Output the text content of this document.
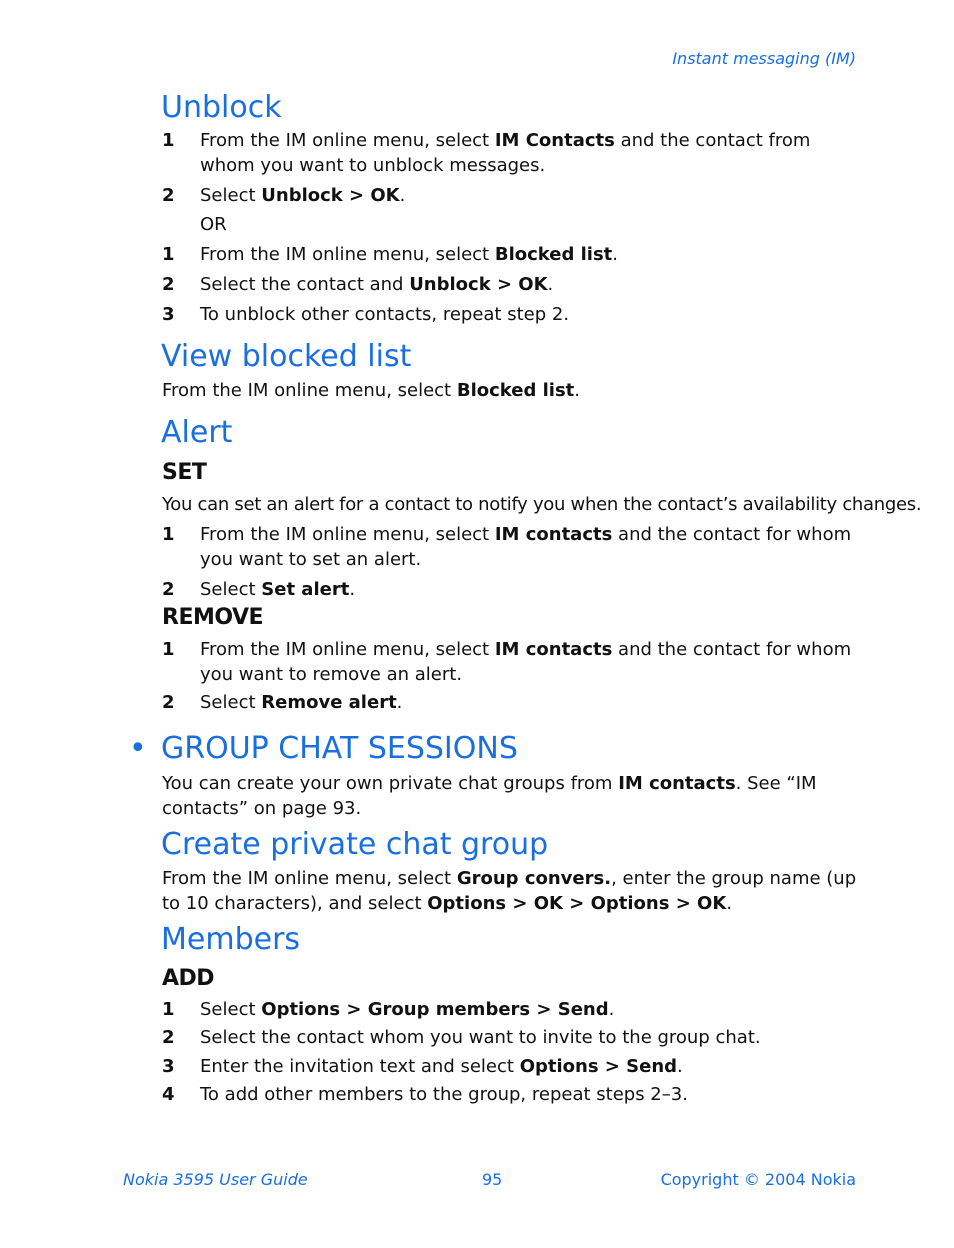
Instant messaging (IM)
Unblock
1 From the IM online menu, select IM Contacts and the contact from whom you want to unblock messages.
2 Select Unblock > OK.
OR
1 From the IM online menu, select Blocked list.
2 Select the contact and Unblock > OK.
3 To unblock other contacts, repeat step 2.
View blocked list
From the IM online menu, select Blocked list.
Alert
SET
You can set an alert for a contact to notify you when the contact’s availability changes.
1 From the IM online menu, select IM contacts and the contact for whom you want to set an alert.
2 Select Set alert.
REMOVE
1 From the IM online menu, select IM contacts and the contact for whom you want to remove an alert.
2 Select Remove alert.
• GROUP CHAT SESSIONS
You can create your own private chat groups from IM contacts. See “IM contacts” on page 93.
Create private chat group
From the IM online menu, select Group convers., enter the group name (up to 10 characters), and select Options > OK > Options > OK.
Members
ADD
1 Select Options > Group members > Send.
2 Select the contact whom you want to invite to the group chat.
3 Enter the invitation text and select Options > Send.
4 To add other members to the group, repeat steps 2–3.
Nokia 3595 User Guide	95	Copyright © 2004 Nokia
